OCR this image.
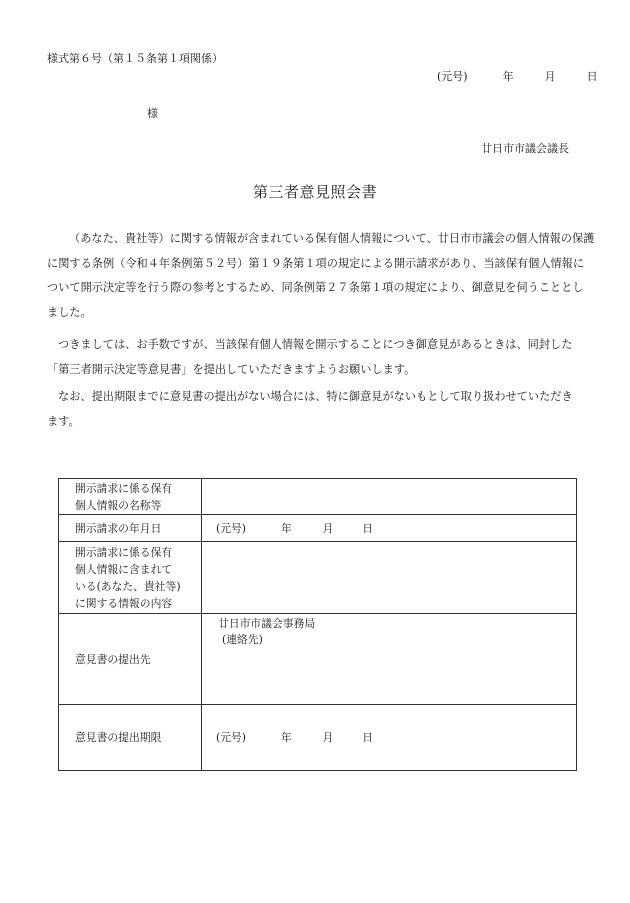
様式第６号（第１５条第１項関係）
(元号)	年	月	日
様
廿日市市議会議長
第三者意見照会書

（あなた、貴社等）に関する情報が含まれている保有個人情報について、廿日市市議会の個人情報の保護

に関する条例（令和４年条例第５２号）第１９条第１項の規定による開示請求があり、当該保有個人情報に

ついて開示決定等を行う際の参考とするため、同条例第２７条第１項の規定により、御意見を伺うこととし

ました。

つきましては、お手数ですが、当該保有個人情報を開示することにつき御意見があるときは、同封した

「第三者開示決定等意見書」を提出していただきますようお願いします。

なお、提出期限までに意見書の提出がない場合には、特に御意見がないもとして取り扱わせていただき

ます。

開示請求に係る保有
個人情報の名称等	

開示請求の年月日	(元号) 年 月 日

開示請求に係る保有
個人情報に含まれて
いる(あなた、貴社等)
に関する情報の内容	

意見書の提出先	廿日市市議会事務局
(連絡先)

意見書の提出期限	(元号) 年 月 日
